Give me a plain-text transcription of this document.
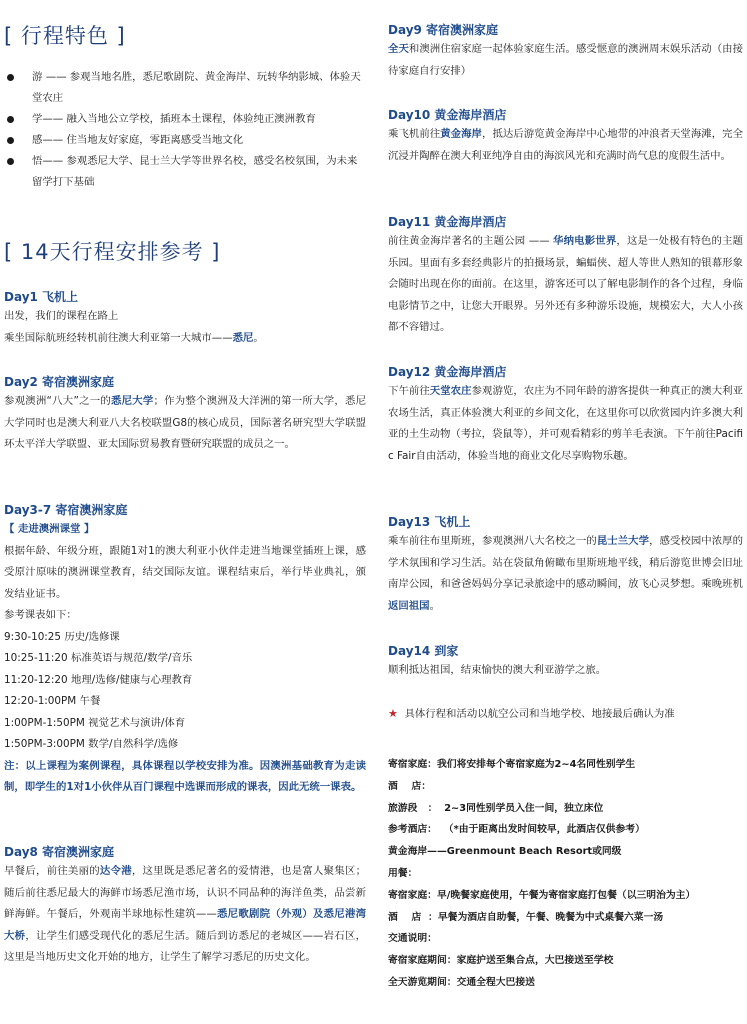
[ 行程特色 ]
游 —— 参观当地名胜，悉尼歌剧院、黄金海岸、玩转华纳影城、体验天堂农庄
学—— 融入当地公立学校，插班本土课程，体验纯正澳洲教育
感—— 住当地友好家庭，零距离感受当地文化
悟—— 参观悉尼大学、昆士兰大学等世界名校，感受名校氛围，为未来留学打下基础
[ 14天行程安排参考 ]
Day1 飞机上
出发，我们的课程在路上
乘坐国际航班经转机前往澳大利亚第一大城市——悉尼。
Day2 寄宿澳洲家庭
参观澳洲“八大”之一的悉尼大学；作为整个澳洲及大洋洲的第一所大学，悉尼大学同时也是澳大利亚八大名校联盟G8的核心成员，国际著名研究型大学联盟环太平洋大学联盟、亚太国际贸易教育暨研究联盟的成员之一。
Day3-7 寄宿澳洲家庭
【 走进澳洲课堂 】
根据年龄、年级分班，跟随1对1的澳大利亚小伙伴走进当地课堂插班上课，感受原汁原味的澳洲课堂教育，结交国际友谊。课程结束后，举行毕业典礼，颁发结业证书。
参考课表如下：
9:30-10:25 历史/选修课
10:25-11:20 标准英语与规范/数学/音乐
11:20-12:20 地理/选修/健康与心理教育
12:20-1:00PM 午餐
1:00PM-1:50PM 视觉艺术与演讲/体育
1:50PM-3:00PM 数学/自然科学/选修
注：以上课程为案例课程，具体课程以学校安排为准。因澳洲基础教育为走读制，即学生的1对1小伙伴从百门课程中选课而形成的课表，因此无统一课表。
Day8 寄宿澳洲家庭
早餐后，前往美丽的达令港，这里既是悉尼著名的爱情港，也是富人聚集区；随后前往悉尼最大的海鲜市场悉尼渔市场，认识不同品种的海洋鱼类，品尝新鲜海鲜。午餐后，外观南半球地标性建筑——悉尼歌剧院（外观）及悉尼港湾大桥，让学生们感受现代化的悉尼生活。随后到访悉尼的老城区——岩石区，这里是当地历史文化开始的地方，让学生了解学习悉尼的历史文化。
Day9 寄宿澳洲家庭
全天和澳洲住宿家庭一起体验家庭生活。感受惬意的澳洲周末娱乐活动（由接待家庭自行安排）
Day10 黄金海岸酒店
乘飞机前往黄金海岸，抵达后游览黄金海岸中心地带的冲浪者天堂海滩，完全沉浸并陶醉在澳大利亚纯净自由的海滨风光和充满时尚气息的度假生活中。
Day11 黄金海岸酒店
前往黄金海岸著名的主题公园 —— 华纳电影世界，这是一处极有特色的主题乐园。里面有多套经典影片的拍摄场景，蝙蝠侠、超人等世人熟知的银幕形象会随时出现在你的面前。在这里，游客还可以了解电影制作的各个过程，身临电影情节之中，让您大开眼界。另外还有多种游乐设施，规模宏大，大人小孩都不容错过。
Day12 黄金海岸酒店
下午前往天堂农庄参观游览，农庄为不同年龄的游客提供一种真正的澳大利亚农场生活，真正体验澳大利亚的乡间文化，在这里你可以欣赏园内许多澳大利亚的土生动物（考拉，袋鼠等），并可观看精彩的剪羊毛表演。下午前往Pacific Fair自由活动，体验当地的商业文化尽享购物乐趣。
Day13 飞机上
乘车前往布里斯班，参观澳洲八大名校之一的昆士兰大学，感受校园中浓厚的学术氛围和学习生活。站在袋鼠角俯瞰布里斯班地平线，稍后游览世博会旧址南岸公园，和爸爸妈妈分享记录旅途中的感动瞬间，放飞心灵梦想。乘晚班机返回祖国。
Day14 到家
顺利抵达祖国，结束愉快的澳大利亚游学之旅。
★ 具体行程和活动以航空公司和当地学校、地接最后确认为准
寄宿家庭：我们将安排每个寄宿家庭为2~4名同性别学生
酒    店：
旅游段   ：  2~3同性别学员入住一间，独立床位
参考酒店：  （*由于距离出发时间较早，此酒店仅供参考）
黄金海岸——Greenmount Beach Resort或同级
用餐：
寄宿家庭：早/晚餐家庭使用，午餐为寄宿家庭打包餐（以三明治为主）
酒    店  ：早餐为酒店自助餐，午餐、晚餐为中式桌餐六菜一汤
交通说明：
寄宿家庭期间：家庭护送至集合点，大巴接送至学校
全天游览期间：交通全程大巴接送
